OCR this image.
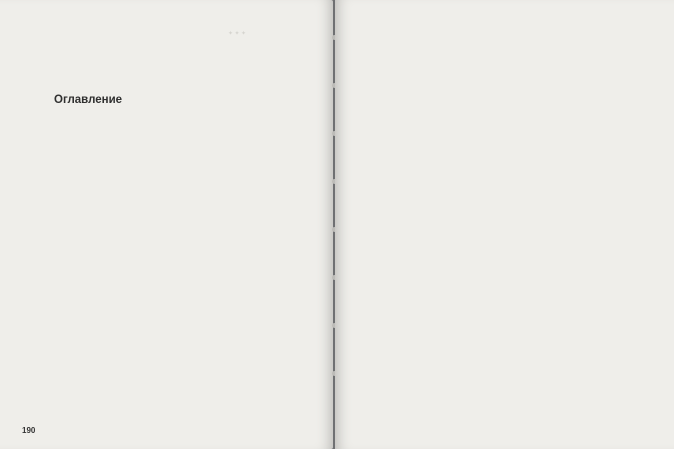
✦ ✦ ✦
Оглавление
190
